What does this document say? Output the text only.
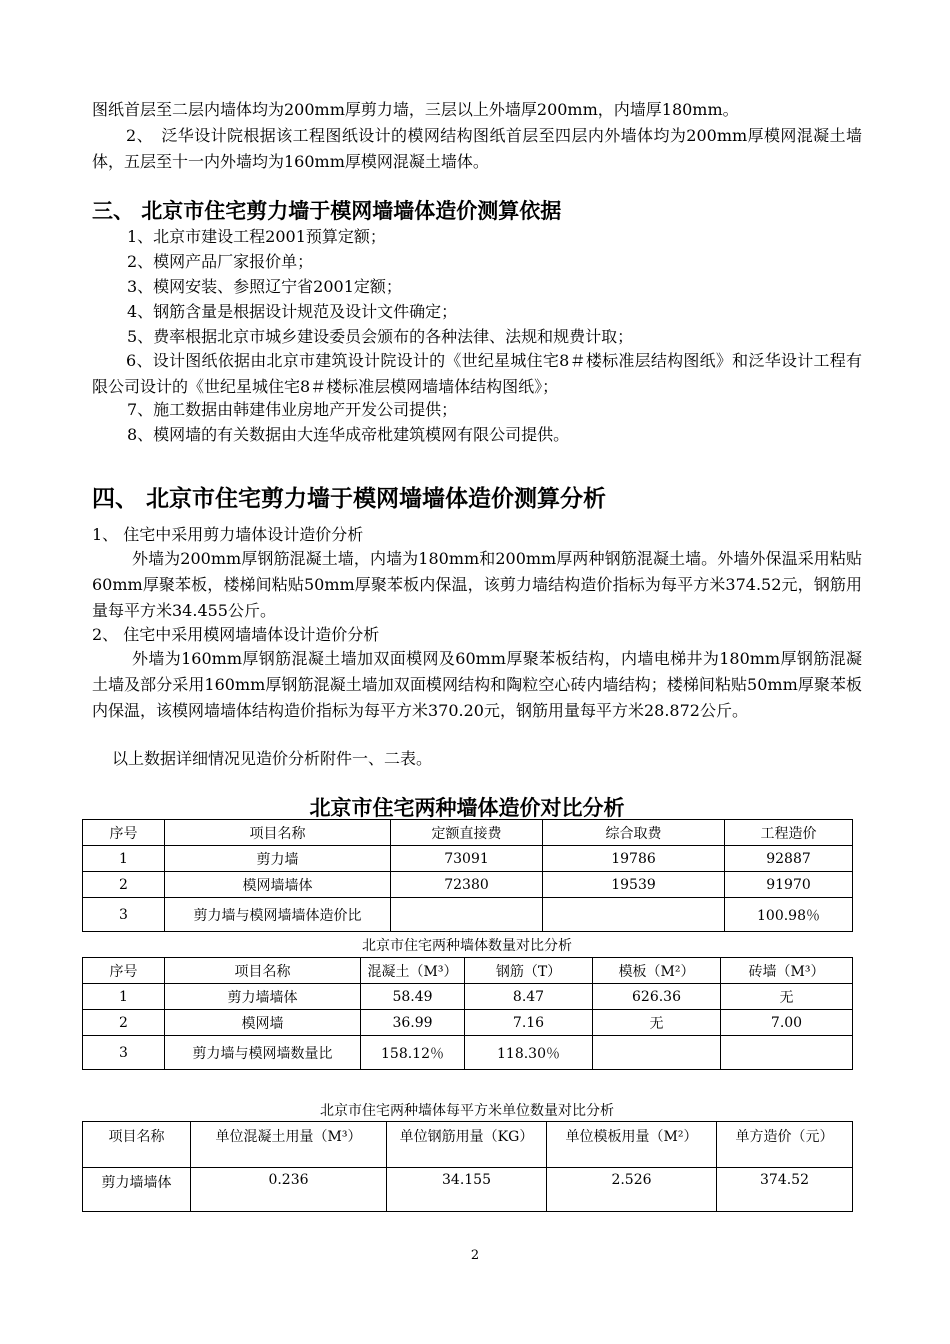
图纸首层至二层内墙体均为200mm厚剪力墙，三层以上外墙厚200mm，内墙厚180mm。

2、　泛华设计院根据该工程图纸设计的模网结构图纸首层至四层内外墙体均为200mm厚模网混凝土墙体，五层至十一内外墙均为160mm厚模网混凝土墙体。

三、 北京市住宅剪力墙于模网墙墙体造价测算依据
1、北京市建设工程2001预算定额；
2、模网产品厂家报价单；
3、模网安装、参照辽宁省2001定额；
4、钢筋含量是根据设计规范及设计文件确定；
5、费率根据北京市城乡建设委员会颁布的各种法律、法规和规费计取；

6、设计图纸依据由北京市建筑设计院设计的《世纪星城住宅8＃楼标准层结构图纸》和泛华设计工程有限公司设计的《世纪星城住宅8＃楼标准层模网墙墙体结构图纸》；

7、施工数据由韩建伟业房地产开发公司提供；
8、模网墙的有关数据由大连华成帝枇建筑模网有限公司提供。
四、 北京市住宅剪力墙于模网墙墙体造价测算分析

1、 住宅中采用剪力墙体设计造价分析

外墙为200mm厚钢筋混凝土墙，内墙为180mm和200mm厚两种钢筋混凝土墙。外墙外保温采用粘贴60mm厚聚苯板，楼梯间粘贴50mm厚聚苯板内保温，该剪力墙结构造价指标为每平方米374.52元，钢筋用量每平方米34.455公斤。

2、 住宅中采用模网墙墙体设计造价分析

外墙为160mm厚钢筋混凝土墙加双面模网及60mm厚聚苯板结构，内墙电梯井为180mm厚钢筋混凝土墙及部分采用160mm厚钢筋混凝土墙加双面模网结构和陶粒空心砖内墙结构；楼梯间粘贴50mm厚聚苯板内保温，该模网墙墙体结构造价指标为每平方米370.20元，钢筋用量每平方米28.872公斤。

以上数据详细情况见造价分析附件一、二表。

北京市住宅两种墙体造价对比分析

序号	项目名称	定额直接费	综合取费	工程造价
1	剪力墙	73091	19786	92887
2	模网墙墙体	72380	19539	91970
3	剪力墙与模网墙墙体造价比			100.98％

北京市住宅两种墙体数量对比分析

序号	项目名称	混凝土（M³）	钢筋（T）	模板（M²）	砖墙（M³）
1	剪力墙墙体	58.49	8.47	626.36	无
2	模网墙	36.99	7.16	无	7.00
3	剪力墙与模网墙数量比	158.12％	118.30％		

北京市住宅两种墙体每平方米单位数量对比分析

项目名称	单位混凝土用量（M³）	单位钢筋用量（KG）	单位模板用量（M²）	单方造价（元）
剪力墙墙体	0.236	34.155	2.526	374.52

2
